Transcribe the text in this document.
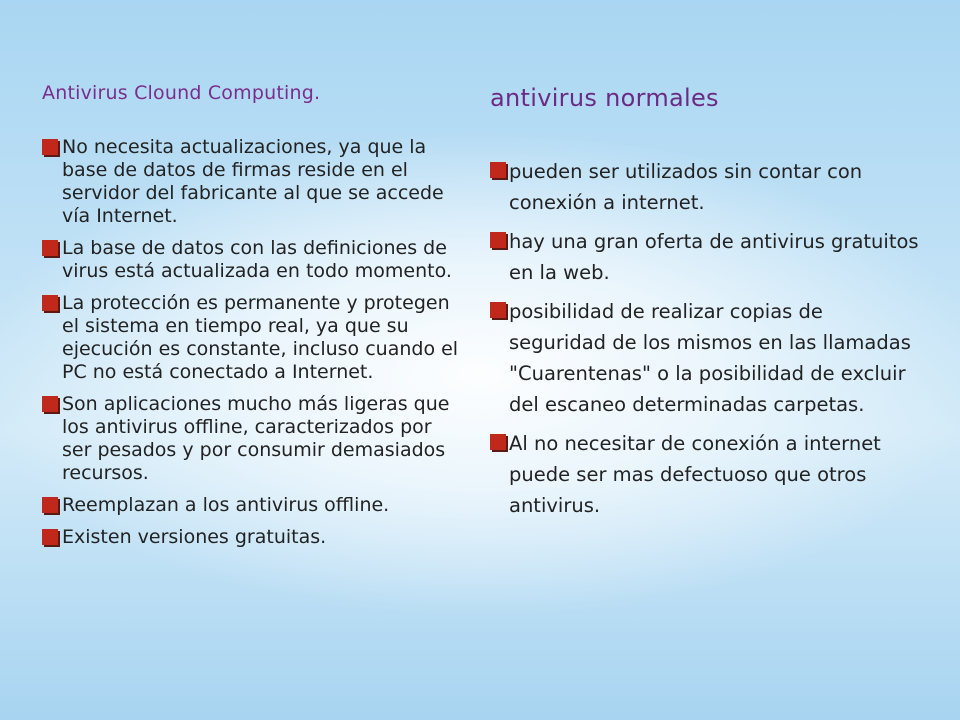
Antivirus Clound Computing.
No necesita actualizaciones, ya que la base de datos de firmas reside en el servidor del fabricante al que se accede vía Internet.
La base de datos con las definiciones de virus está actualizada en todo momento.
La protección es permanente y protegen el sistema en tiempo real, ya que su ejecución es constante, incluso cuando el PC no está conectado a Internet.
Son aplicaciones mucho más ligeras que los antivirus offline, caracterizados por ser pesados y por consumir demasiados recursos.
Reemplazan a los antivirus offline.
Existen versiones gratuitas.
antivirus normales
pueden ser utilizados sin contar con conexión a internet.
hay una gran oferta de antivirus gratuitos en la web.
posibilidad de realizar copias de seguridad de los mismos en las llamadas "Cuarentenas" o la posibilidad de excluir del escaneo determinadas carpetas.
Al no necesitar de conexión a internet puede ser mas defectuoso que otros antivirus.
